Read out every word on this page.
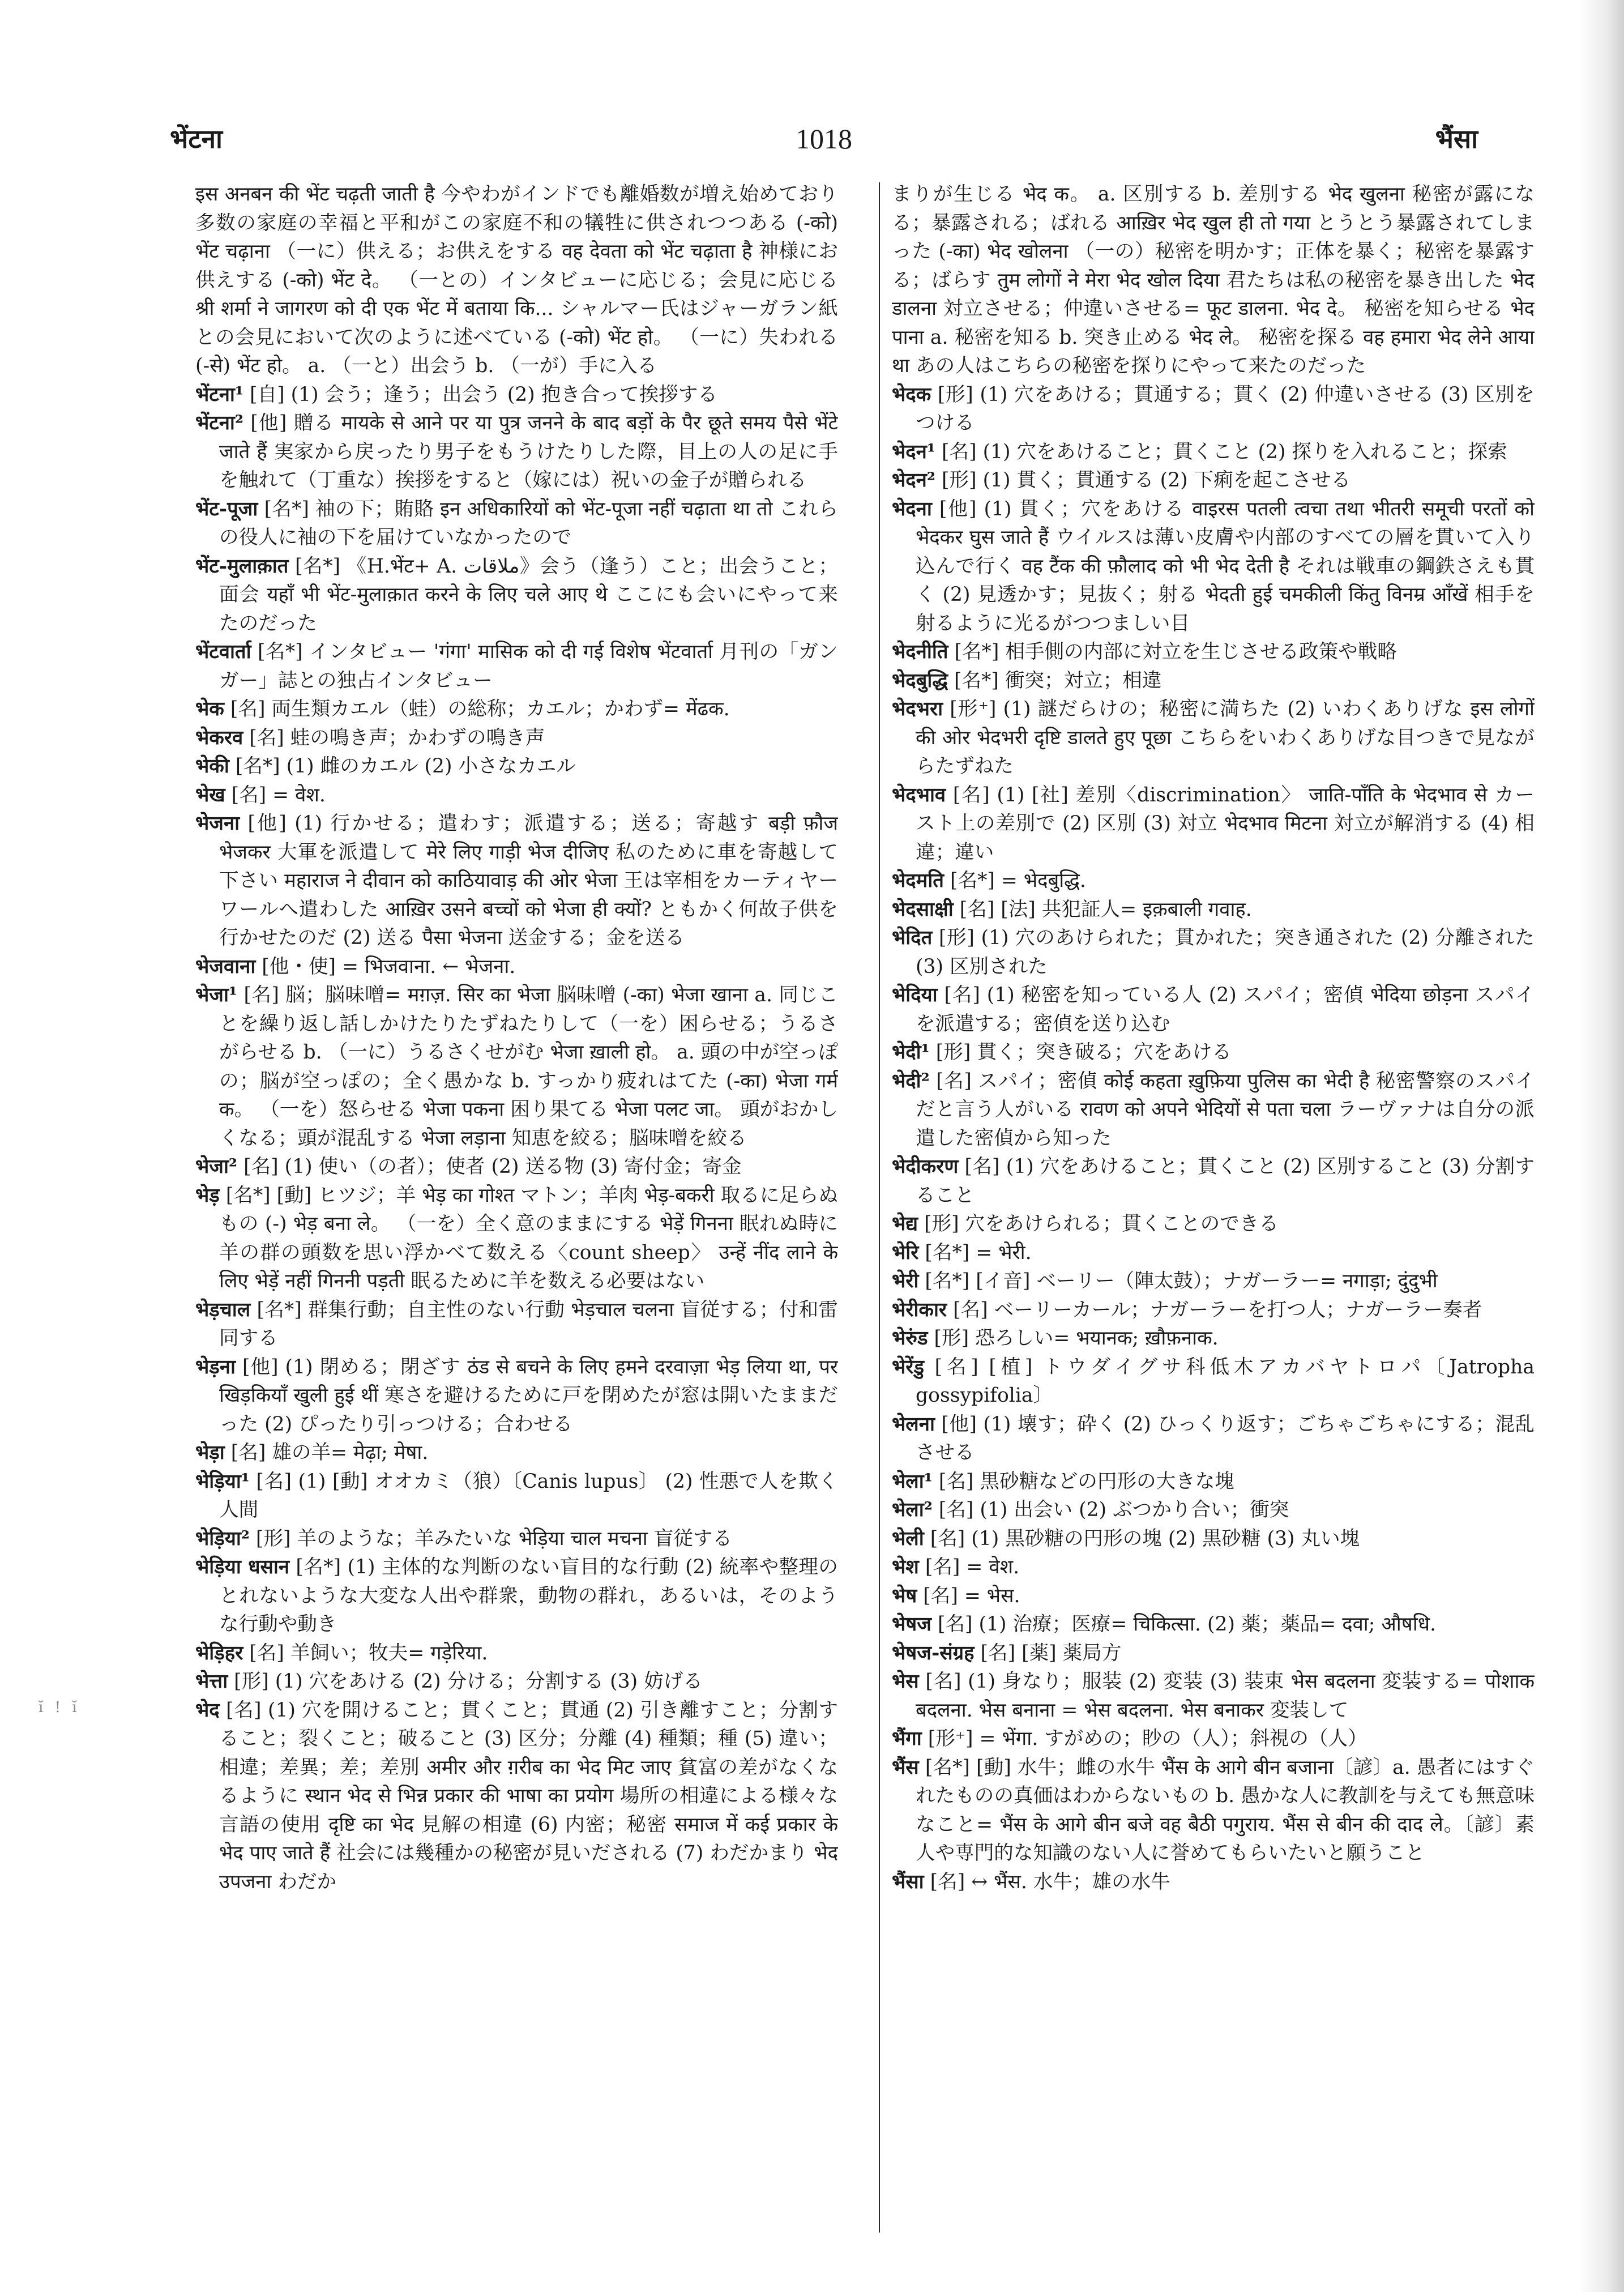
भेंटना	1018	भैंसा

इस अनबन की भेंट चढ़ती जाती है 今やわがインドでも離婚数が増え始めており多数の家庭の幸福と平和がこの家庭不和の犠牲に供されつつある (-को) भेंट चढ़ाना （一に）供える；お供えをする वह देवता को भेंट चढ़ाता है 神様にお供えする (-को) भेंट दे。 （一との）インタビューに応じる；会見に応じる श्री शर्मा ने जागरण को दी एक भेंट में बताया कि... シャルマー氏はジャーガラン紙との会見において次のように述べている (-को) भेंट हो。 （一に）失われる (-से) भेंट हो。 a. （一と）出会う b. （一が）手に入る

भेंटना¹ [自] (1) 会う；逢う；出会う (2) 抱き合って挨拶する

भेंटना² [他] 贈る मायके से आने पर या पुत्र जनने के बाद बड़ों के पैर छूते समय पैसे भेंटे जाते हैं 実家から戻ったり男子をもうけたりした際，目上の人の足に手を触れて（丁重な）挨拶をすると（嫁には）祝いの金子が贈られる

भेंट-पूजा [名*] 袖の下；賄賂 इन अधिकारियों को भेंट-पूजा नहीं चढ़ाता था तो これらの役人に袖の下を届けていなかったので

भेंट-मुलाक़ात [名*] 《H.भेंट+ A. ملاقات》会う（逢う）こと；出会うこと；面会 यहाँ भी भेंट-मुलाक़ात करने के लिए चले आए थे ここにも会いにやって来たのだった

भेंटवार्ता [名*] インタビュー 'गंगा' मासिक को दी गई विशेष भेंटवार्ता 月刊の「ガンガー」誌との独占インタビュー

भेक [名] 両生類カエル（蛙）の総称；カエル；かわず= मेंढक.

भेकरव [名] 蛙の鳴き声；かわずの鳴き声

भेकी [名*] (1) 雌のカエル (2) 小さなカエル

भेख [名] = वेश.

भेजना [他] (1) 行かせる；遣わす；派遣する；送る；寄越す बड़ी फ़ौज भेजकर 大軍を派遣して मेरे लिए गाड़ी भेज दीजिए 私のために車を寄越して下さい महाराज ने दीवान को काठियावाड़ की ओर भेजा 王は宰相をカーティヤーワールへ遣わした आख़िर उसने बच्चों को भेजा ही क्यों? ともかく何故子供を行かせたのだ (2) 送る पैसा भेजना 送金する；金を送る

भेजवाना [他・使] = भिजवाना. ← भेजना.

भेजा¹ [名] 脳；脳味噌= मग़ज़. सिर का भेजा 脳味噌 (-का) भेजा खाना a. 同じことを繰り返し話しかけたりたずねたりして（一を）困らせる；うるさがらせる b. （一に）うるさくせがむ भेजा ख़ाली हो。 a. 頭の中が空っぽの；脳が空っぽの；全く愚かな b. すっかり疲れはてた (-का) भेजा गर्म क。 （一を）怒らせる भेजा पकना 困り果てる भेजा पलट जा。 頭がおかしくなる；頭が混乱する भेजा लड़ाना 知恵を絞る；脳味噌を絞る

भेजा² [名] (1) 使い（の者）；使者 (2) 送る物 (3) 寄付金；寄金

भेड़ [名*] [動] ヒツジ；羊 भेड़ का गोश्त マトン；羊肉 भेड़-बकरी 取るに足らぬもの (-) भेड़ बना ले。 （一を）全く意のままにする भेड़ें गिनना 眠れぬ時に羊の群の頭数を思い浮かべて数える〈count sheep〉 उन्हें नींद लाने के लिए भेड़ें नहीं गिननी पड़ती 眠るために羊を数える必要はない

भेड़चाल [名*] 群集行動；自主性のない行動 भेड़चाल चलना 盲従する；付和雷同する

भेड़ना [他] (1) 閉める；閉ざす ठंड से बचने के लिए हमने दरवाज़ा भेड़ लिया था, पर खिड़कियाँ खुली हुई थीं 寒さを避けるために戸を閉めたが窓は開いたままだった (2) ぴったり引っつける；合わせる

भेड़ा [名] 雄の羊= मेढ़ा; मेषा.

भेड़िया¹ [名] (1) [動] オオカミ（狼）〔Canis lupus〕 (2) 性悪で人を欺く人間

भेड़िया² [形] 羊のような；羊みたいな भेड़िया चाल मचना 盲従する

भेड़िया धसान [名*] (1) 主体的な判断のない盲目的な行動 (2) 統率や整理のとれないような大変な人出や群衆，動物の群れ，あるいは，そのような行動や動き

भेड़िहर [名] 羊飼い；牧夫= गड़ेरिया.

भेत्ता [形] (1) 穴をあける (2) 分ける；分割する (3) 妨げる

भेद [名] (1) 穴を開けること；貫くこと；貫通 (2) 引き離すこと；分割すること；裂くこと；破ること (3) 区分；分離 (4) 種類；種 (5) 違い；相違；差異；差；差別 अमीर और ग़रीब का भेद मिट जाए 貧富の差がなくなるように स्थान भेद से भिन्न प्रकार की भाषा का प्रयोग 場所の相違による様々な言語の使用 दृष्टि का भेद 見解の相違 (6) 内密；秘密 समाज में कई प्रकार के भेद पाए जाते हैं 社会には幾種かの秘密が見いだされる (7) わだかまり भेद उपजना わだか

まりが生じる भेद क。 a. 区別する b. 差別する भेद खुलना 秘密が露になる；暴露される；ばれる आख़िर भेद खुल ही तो गया とうとう暴露されてしまった (-का) भेद खोलना （一の）秘密を明かす；正体を暴く；秘密を暴露する；ばらす तुम लोगों ने मेरा भेद खोल दिया 君たちは私の秘密を暴き出した भेद डालना 対立させる；仲違いさせる= फूट डालना. भेद दे。 秘密を知らせる भेद पाना a. 秘密を知る b. 突き止める भेद ले。 秘密を探る वह हमारा भेद लेने आया था あの人はこちらの秘密を探りにやって来たのだった

भेदक [形] (1) 穴をあける；貫通する；貫く (2) 仲違いさせる (3) 区別をつける

भेदन¹ [名] (1) 穴をあけること；貫くこと (2) 探りを入れること；探索

भेदन² [形] (1) 貫く；貫通する (2) 下痢を起こさせる

भेदना [他] (1) 貫く；穴をあける वाइरस पतली त्वचा तथा भीतरी समूची परतों को भेदकर घुस जाते हैं ウイルスは薄い皮膚や内部のすべての層を貫いて入り込んで行く वह टैंक की फ़ौलाद को भी भेद देती है それは戦車の鋼鉄さえも貫く (2) 見透かす；見抜く；射る भेदती हुई चमकीली किंतु विनम्र आँखें 相手を射るように光るがつつましい目

भेदनीति [名*] 相手側の内部に対立を生じさせる政策や戦略

भेदबुद्धि [名*] 衝突；対立；相違

भेदभरा [形⁺] (1) 謎だらけの；秘密に満ちた (2) いわくありげな इस लोगों की ओर भेदभरी दृष्टि डालते हुए पूछा こちらをいわくありげな目つきで見ながらたずねた

भेदभाव [名] (1) [社] 差別〈discrimination〉 जाति-पाँति के भेदभाव से カースト上の差別で (2) 区別 (3) 対立 भेदभाव मिटना 対立が解消する (4) 相違；違い

भेदमति [名*] = भेदबुद्धि.

भेदसाक्षी [名] [法] 共犯証人= इक़बाली गवाह.

भेदित [形] (1) 穴のあけられた；貫かれた；突き通された (2) 分離された (3) 区別された

भेदिया [名] (1) 秘密を知っている人 (2) スパイ；密偵 भेदिया छोड़ना スパイを派遣する；密偵を送り込む

भेदी¹ [形] 貫く；突き破る；穴をあける

भेदी² [名] スパイ；密偵 कोई कहता ख़ुफ़िया पुलिस का भेदी है 秘密警察のスパイだと言う人がいる रावण को अपने भेदियों से पता चला ラーヴァナは自分の派遣した密偵から知った

भेदीकरण [名] (1) 穴をあけること；貫くこと (2) 区別すること (3) 分割すること

भेद्य [形] 穴をあけられる；貫くことのできる

भेरि [名*] = भेरी.

भेरी [名*] [イ音] ベーリー（陣太鼓）；ナガーラー= नगाड़ा; दुंदुभी

भेरीकार [名] ベーリーカール；ナガーラーを打つ人；ナガーラー奏者

भेरुंड [形] 恐ろしい= भयानक; ख़ौफ़नाक.

भेरेंडु [名] [植] トウダイグサ科低木アカバヤトロパ〔Jatropha gossypifolia〕

भेलना [他] (1) 壊す；砕く (2) ひっくり返す；ごちゃごちゃにする；混乱させる

भेला¹ [名] 黒砂糖などの円形の大きな塊

भेला² [名] (1) 出会い (2) ぶつかり合い；衝突

भेली [名] (1) 黒砂糖の円形の塊 (2) 黒砂糖 (3) 丸い塊

भेश [名] = वेश.

भेष [名] = भेस.

भेषज [名] (1) 治療；医療= चिकित्सा. (2) 薬；薬品= दवा; औषधि.

भेषज-संग्रह [名] [薬] 薬局方

भेस [名] (1) 身なり；服装 (2) 変装 (3) 装束 भेस बदलना 変装する= पोशाक बदलना. भेस बनाना = भेस बदलना. भेस बनाकर 変装して

भैंगा [形⁺] = भेंगा. すがめの；眇の（人）；斜視の（人）

भैंस [名*] [動] 水牛；雌の水牛 भैंस के आगे बीन बजाना〔諺〕a. 愚者にはすぐれたものの真価はわからないもの b. 愚かな人に教訓を与えても無意味なこと= भैंस के आगे बीन बजे वह बैठी पगुराय. भैंस से बीन की दाद ले。〔諺〕素人や専門的な知識のない人に誉めてもらいたいと願うこと

भैंसा [名] ↔ भैंस. 水牛；雄の水牛

ĭ ! ĭ
